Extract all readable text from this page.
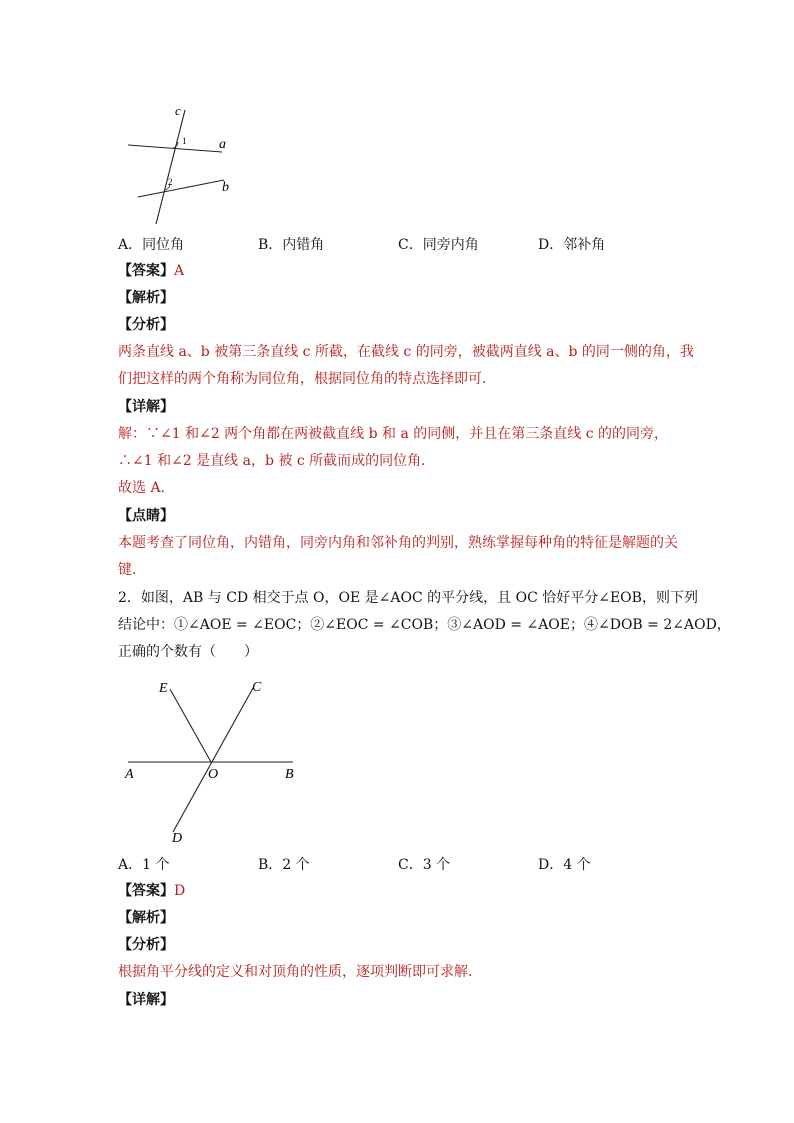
c
a
b
1
2
A．同位角	B．内错角	C．同旁内角	D．邻补角
【答案】A
【解析】
【分析】
两条直线 a、b 被第三条直线 c 所截，在截线 c 的同旁，被截两直线 a、b 的同一侧的角，我
们把这样的两个角称为同位角，根据同位角的特点选择即可．
【详解】
解：∵∠1 和∠2 两个角都在两被截直线 b 和 a 的同侧，并且在第三条直线 c 的的同旁，
∴∠1 和∠2 是直线 a，b 被 c 所截而成的同位角．
故选 A．
【点睛】
本题考查了同位角，内错角，同旁内角和邻补角的判别，熟练掌握每种角的特征是解题的关
键．
2．如图，AB 与 CD 相交于点 O，OE 是∠AOC 的平分线，且 OC 恰好平分∠EOB，则下列
结论中：①∠AOE = ∠EOC；②∠EOC = ∠COB；③∠AOD = ∠AOE；④∠DOB = 2∠AOD，
正确的个数有（　　）
E	C
A	O	B
D
A．1 个	B．2 个	C．3 个	D．4 个
【答案】D
【解析】
【分析】
根据角平分线的定义和对顶角的性质，逐项判断即可求解．
【详解】
